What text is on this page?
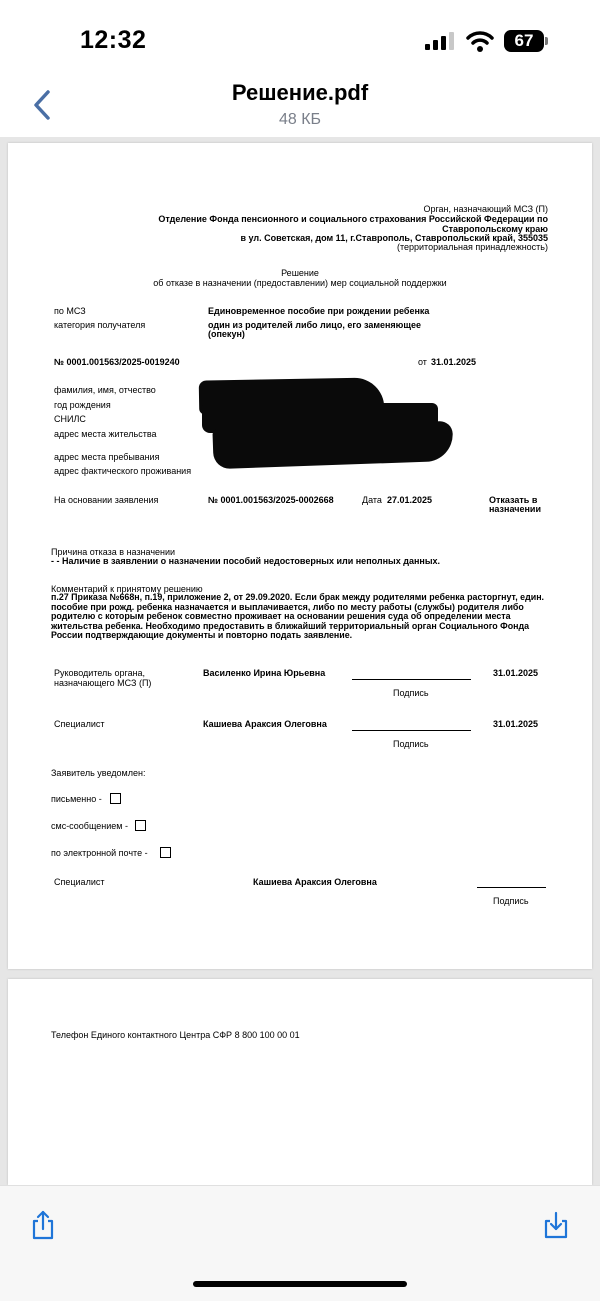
12:32	67
Решение.pdf
48 КБ
Орган, назначающий МСЗ (П)
Отделение Фонда пенсионного и социального страхования Российской Федерации по
Ставропольскому краю
в ул. Советская, дом 11, г.Ставрополь, Ставропольский край, 355035
(территориальная принадлежность)
Решение
об отказе в назначении (предоставлении) мер социальной поддержки
по МСЗ	Единовременное пособие при рождении ребенка
категория получателя	один из родителей либо лицо, его заменяющее
(опекун)
№ 0001.001563/2025-0019240	от 31.01.2025
фамилия, имя, отчество
год рождения
СНИЛС
адрес места жительства
адрес места пребывания
адрес фактического проживания
На основании заявления	№ 0001.001563/2025-0002668	Дата 27.01.2025	Отказать в
назначении
Причина отказа в назначении
- - Наличие в заявлении о назначении пособий недостоверных или неполных данных.
Комментарий к принятому решению
п.27 Приказа №668н, п.19, приложение 2, от 29.09.2020. Если брак между родителями ребенка расторгнут, един. пособие при рожд. ребенка назначается и выплачивается, либо по месту работы (службы) родителя либо родителю с которым ребенок совместно проживает на основании решения суда об определении места жительства ребенка. Необходимо предоставить в ближайший территориальный орган Социального Фонда России подтверждающие документы и повторно подать заявление.
Руководитель органа,
назначающего МСЗ (П)
Василенко Ирина Юрьевна	31.01.2025
Подпись
Специалист	Кашиева Араксия Олеговна	31.01.2025
Подпись
Заявитель уведомлен:
письменно -
смс-сообщением -
по электронной почте -
Специалист	Кашиева Араксия Олеговна
Подпись
Телефон Единого контактного Центра СФР 8 800 100 00 01
